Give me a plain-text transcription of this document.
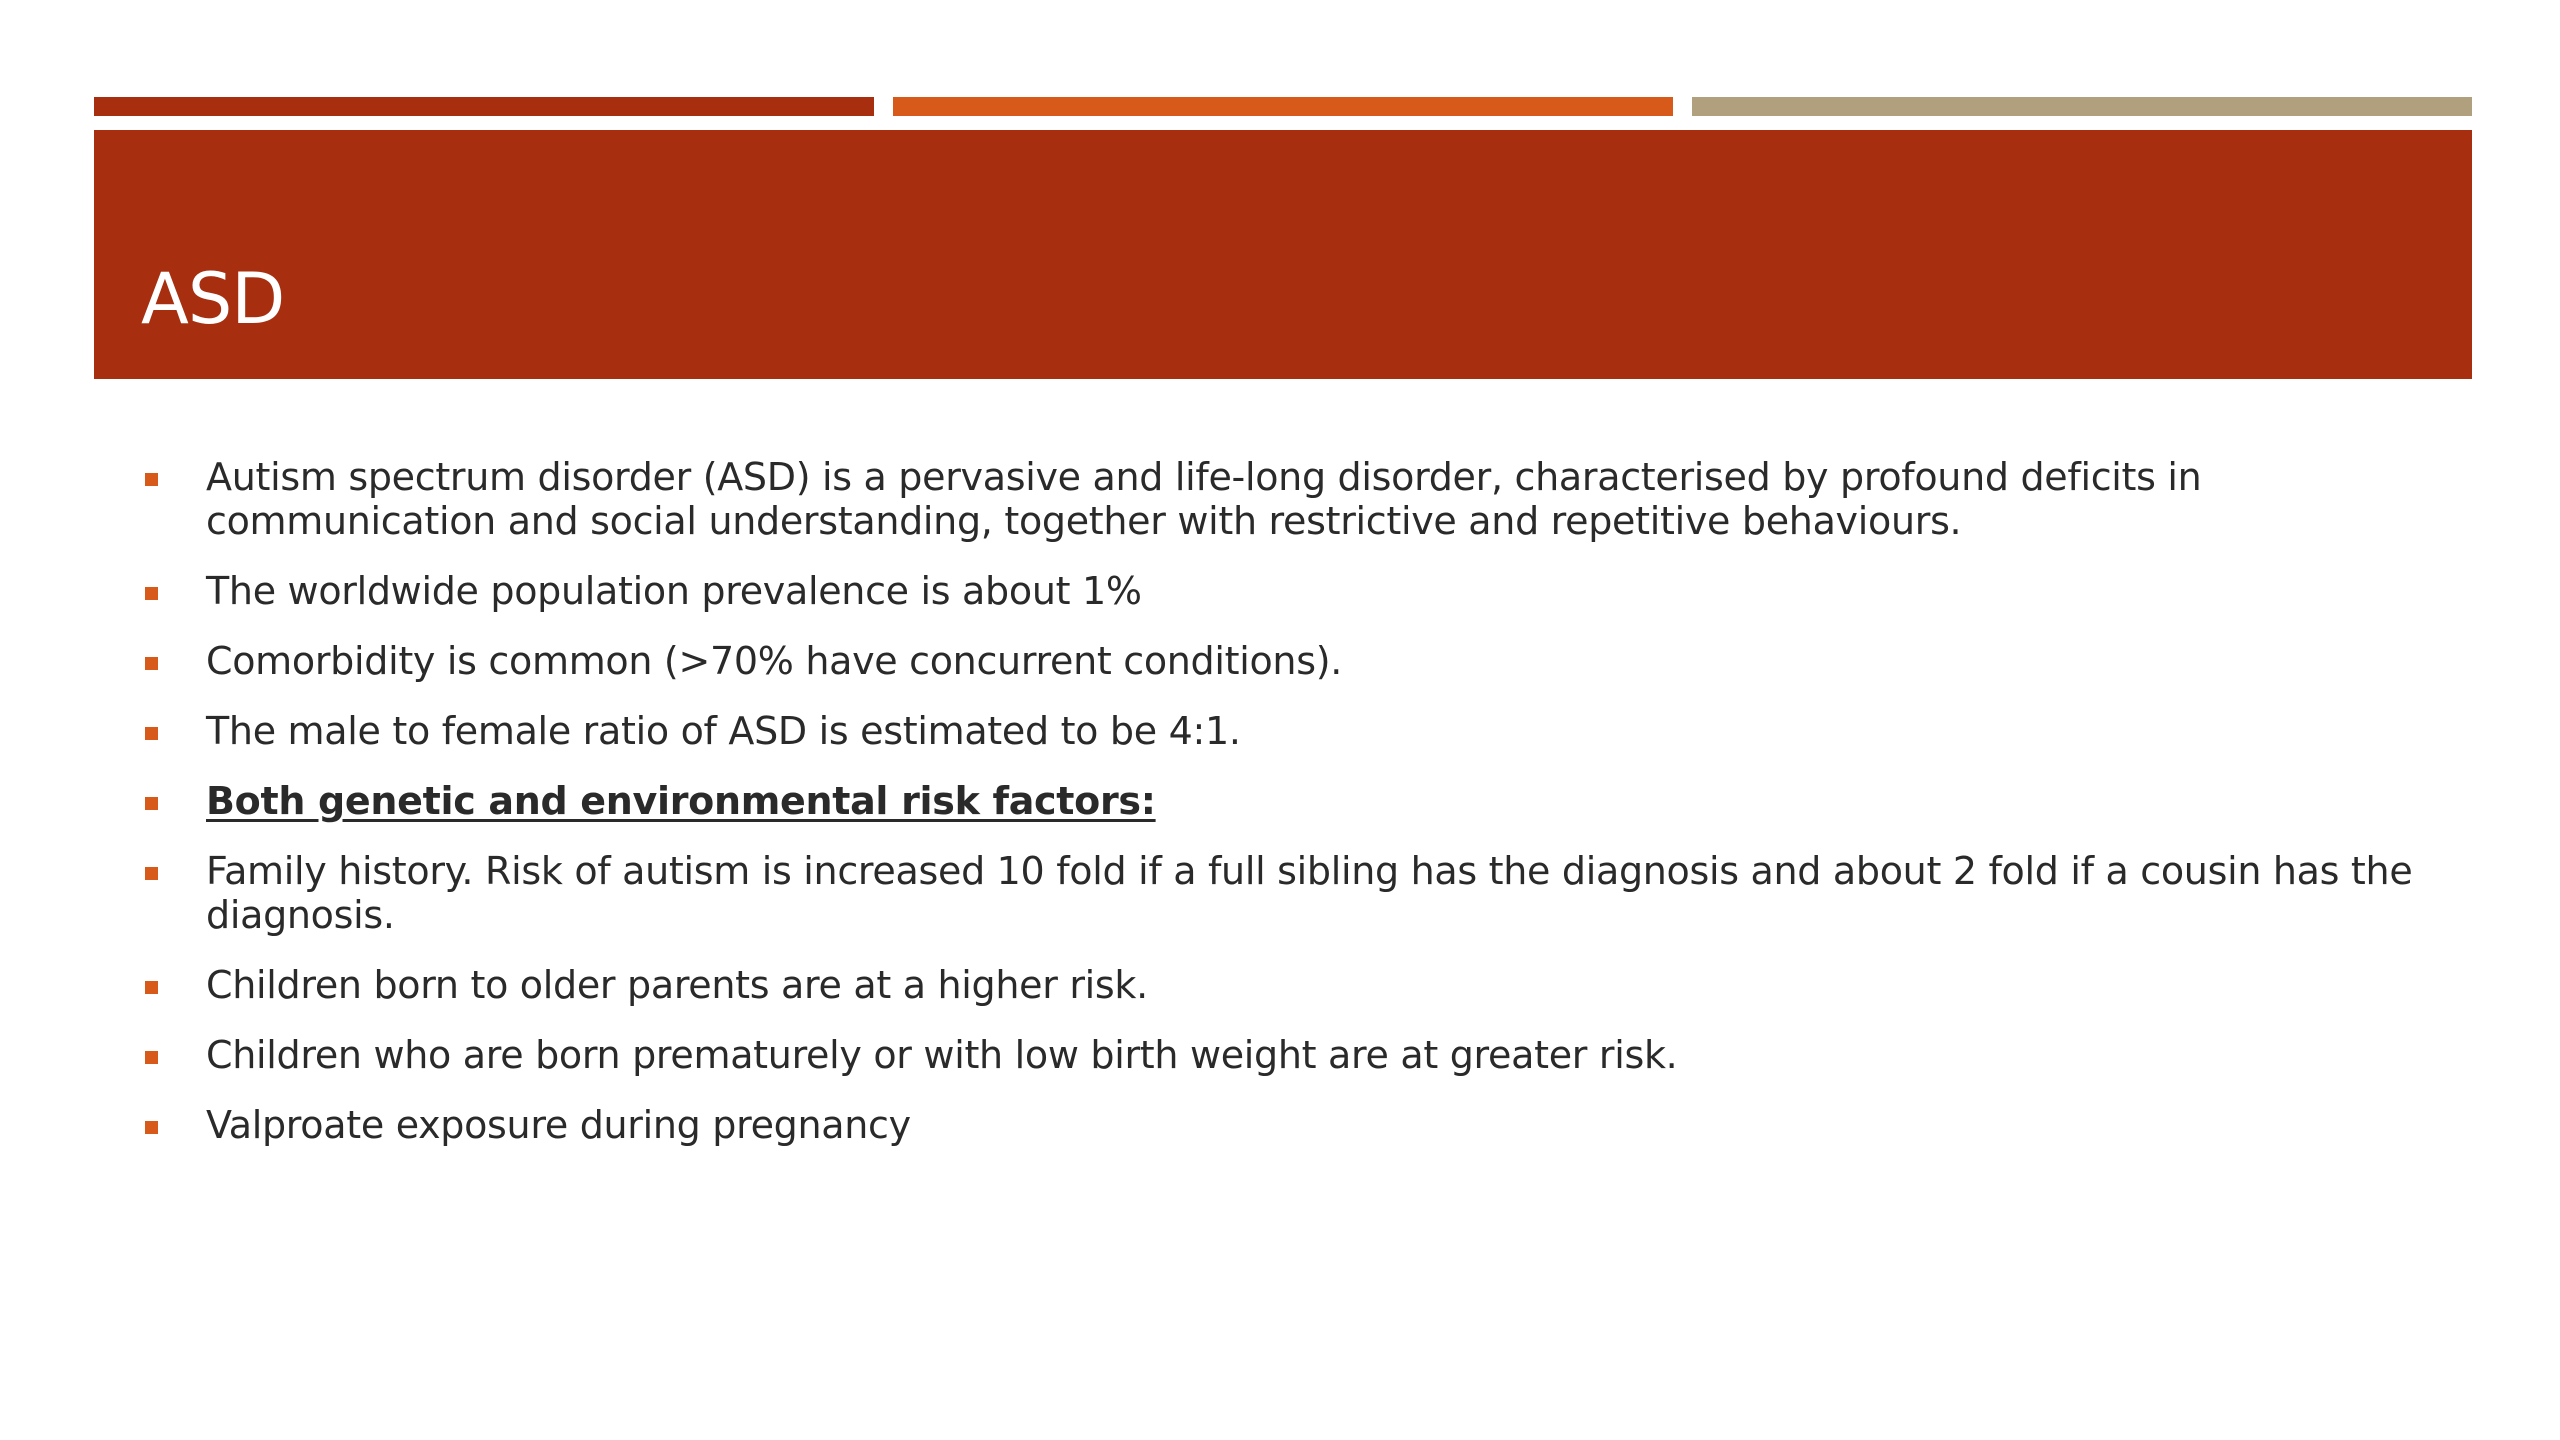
ASD
Autism spectrum disorder (ASD) is a pervasive and life-long disorder, characterised by profound deficits in communication and social understanding, together with restrictive and repetitive behaviours.
The worldwide population prevalence is about 1%
Comorbidity is common (>70% have concurrent conditions).
The male to female ratio of ASD is estimated to be 4:1.
Both genetic and environmental risk factors:
Family history. Risk of autism is increased 10 fold if a full sibling has the diagnosis and about 2 fold if a cousin has the diagnosis.
Children born to older parents are at a higher risk.
Children who are born prematurely or with low birth weight are at greater risk.
Valproate exposure during pregnancy
